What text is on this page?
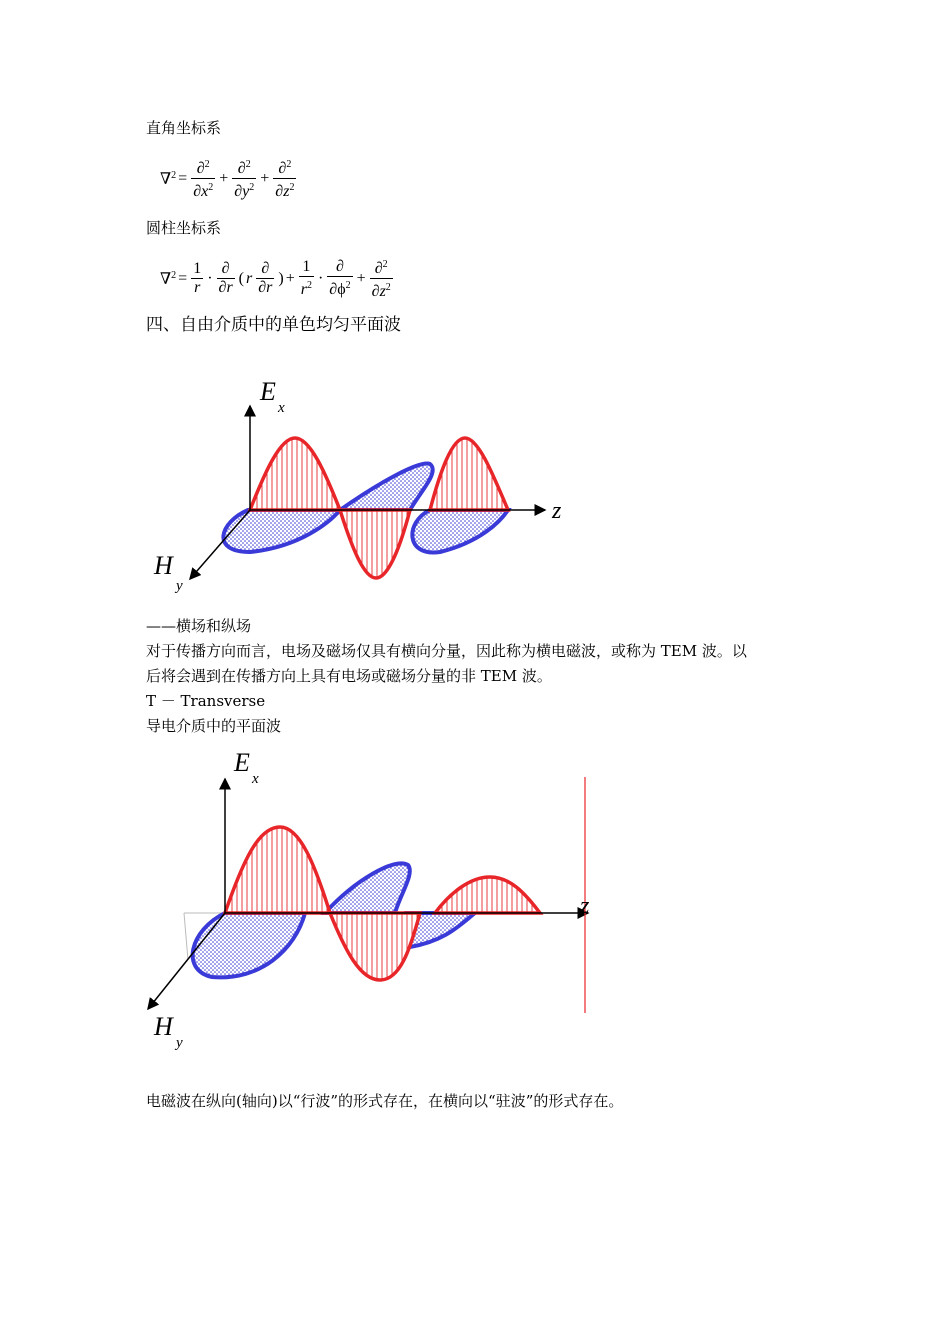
直角坐标系
$\nabla^2 = \frac{\partial^2}{\partial x^2} + \frac{\partial^2}{\partial y^2} + \frac{\partial^2}{\partial z^2}$
圆柱坐标系
$\nabla^2 = \frac{1}{r} \cdot \frac{\partial}{\partial r}$ ( r $\frac{\partial}{\partial r}$ ) + $\frac{1}{r^2} \cdot \frac{\partial}{\partial\phi^2} + \frac{\partial^2}{\partial z^2}$
四、自由介质中的单色均匀平面波
E
x
z
H
y
——横场和纵场
对于传播方向而言，电场及磁场仅具有横向分量，因此称为横电磁波，或称为 TEM 波。以
后将会遇到在传播方向上具有电场或磁场分量的非 TEM 波。
T － Transverse
导电介质中的平面波
E
x
z
H
y
电磁波在纵向(轴向)以“行波”的形式存在，在横向以“驻波”的形式存在。
